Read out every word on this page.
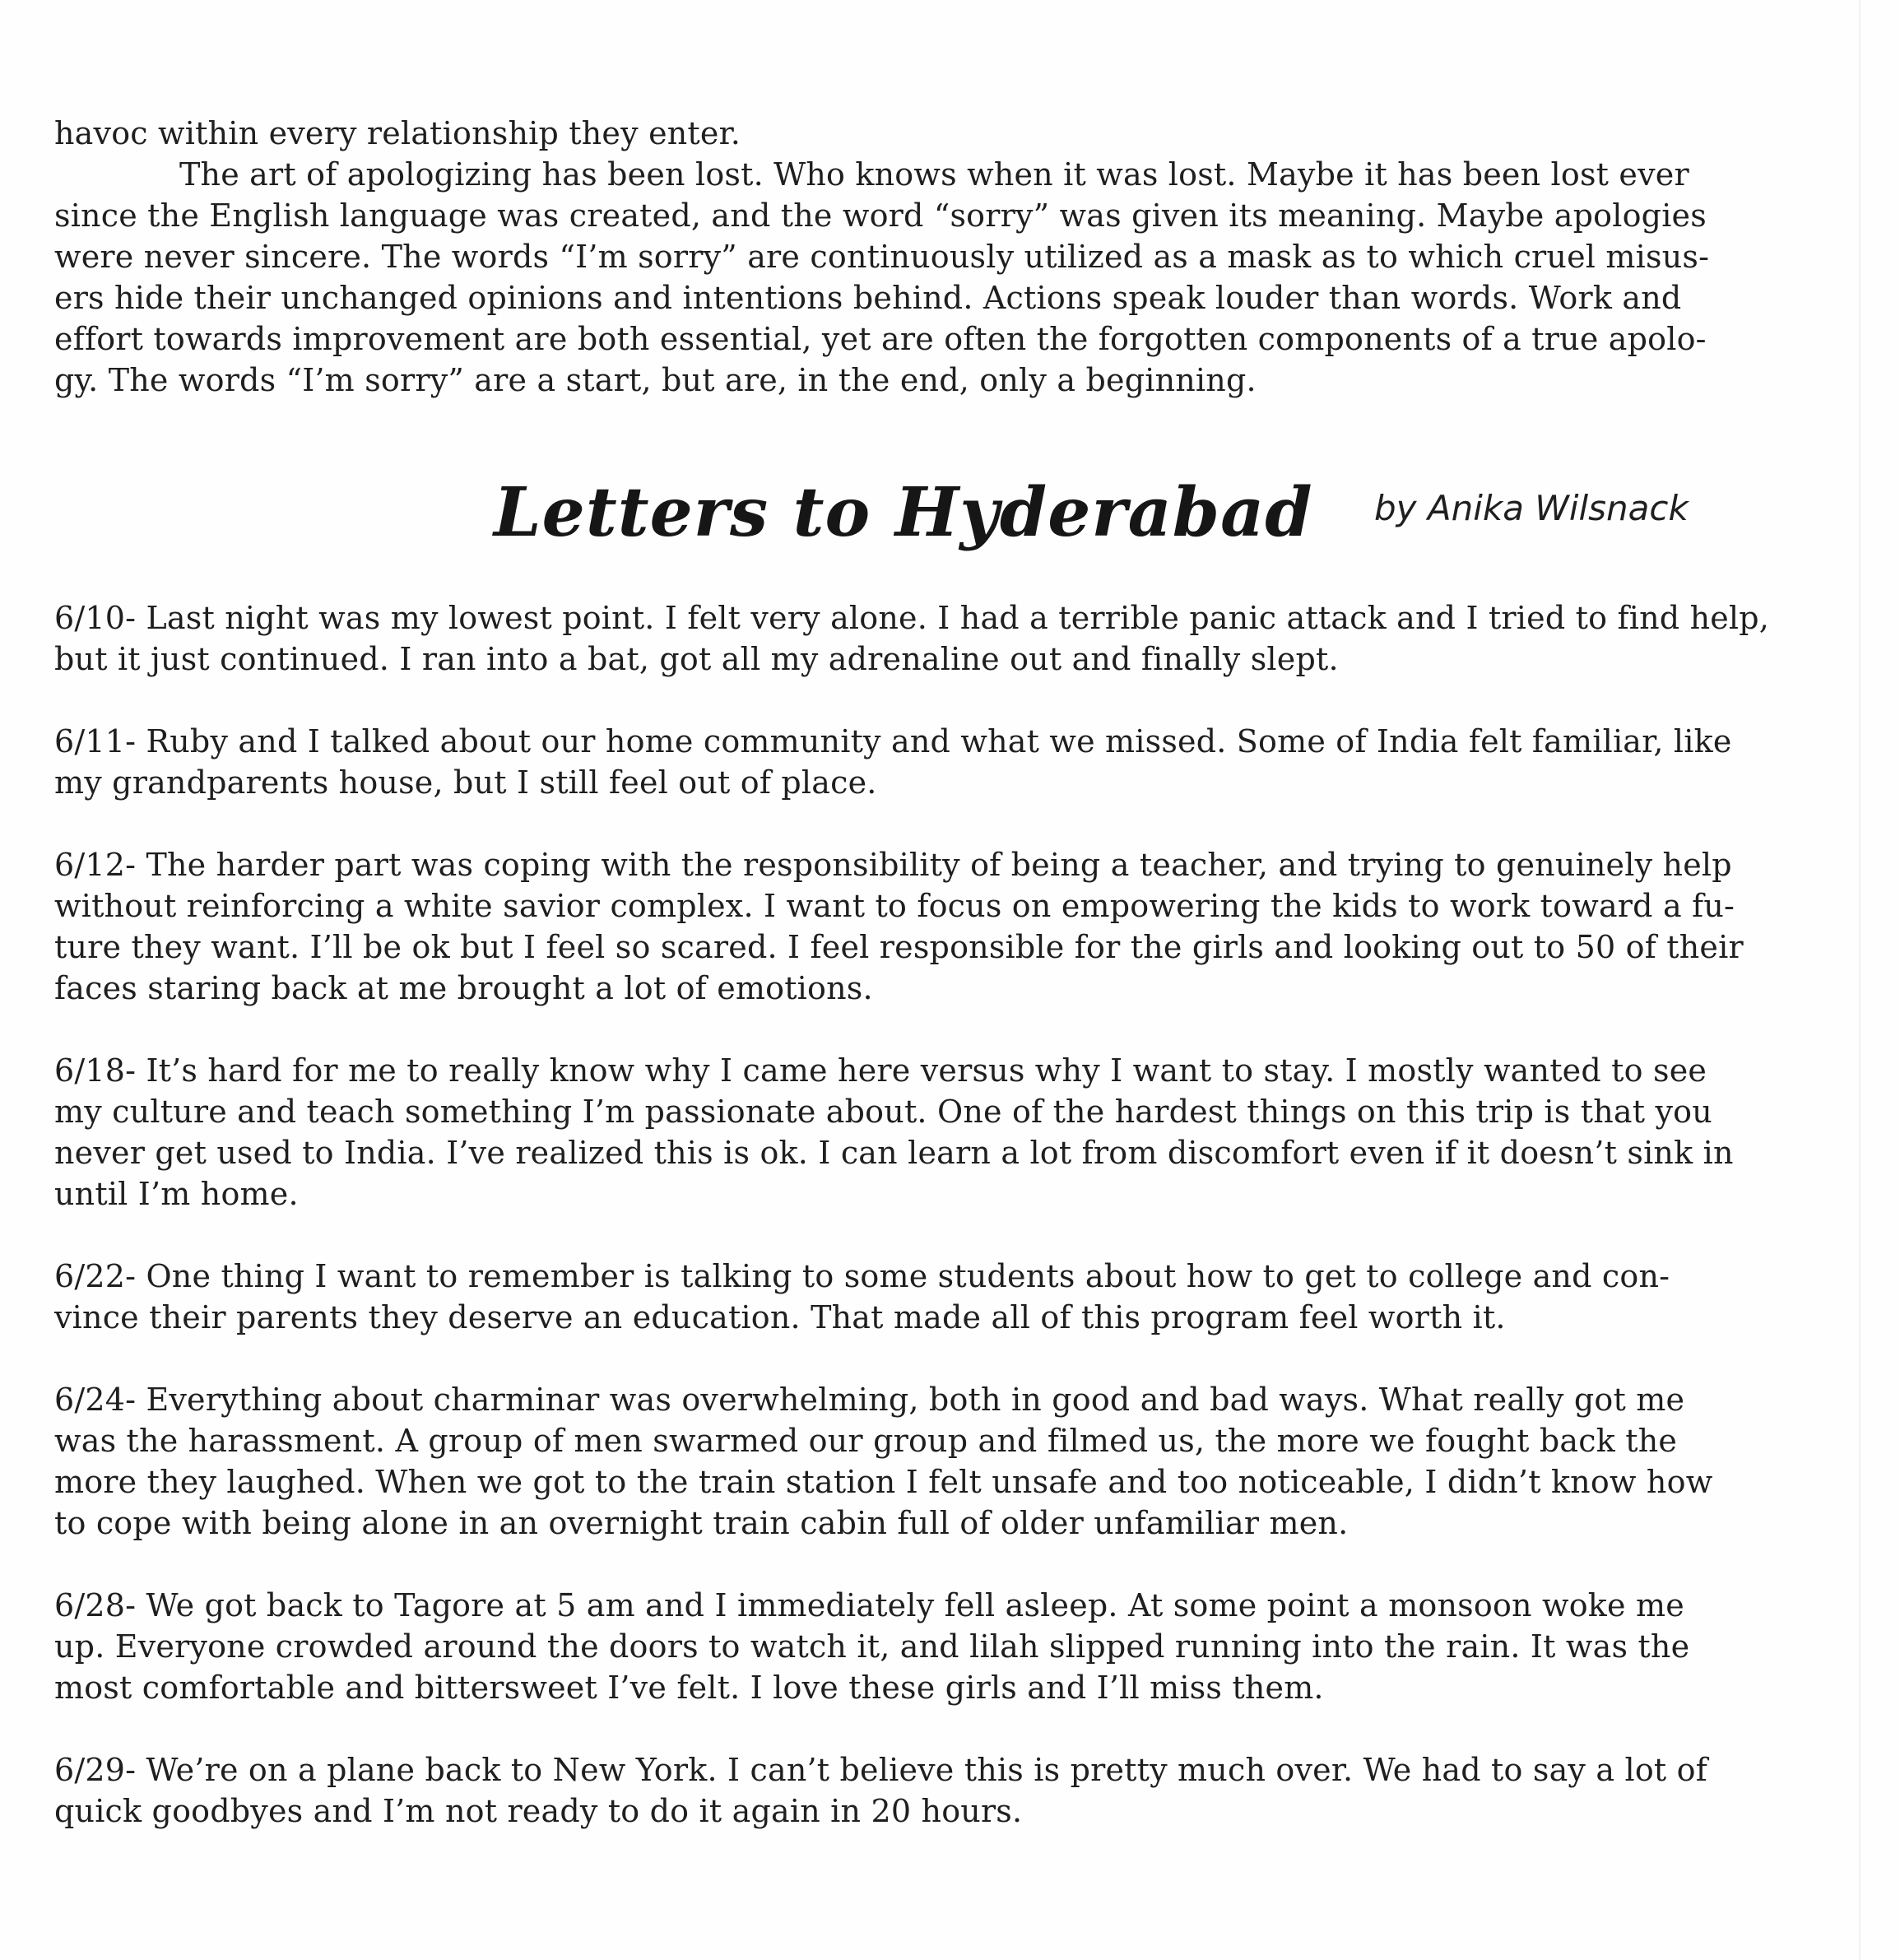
havoc within every relationship they enter.
The art of apologizing has been lost. Who knows when it was lost. Maybe it has been lost ever
since the English language was created, and the word “sorry” was given its meaning. Maybe apologies
were never sincere. The words “I’m sorry” are continuously utilized as a mask as to which cruel misus-
ers hide their unchanged opinions and intentions behind. Actions speak louder than words. Work and
effort towards improvement are both essential, yet are often the forgotten components of a true apolo-
gy. The words “I’m sorry” are a start, but are, in the end, only a beginning.
Letters to Hyderabad by Anika Wilsnack
6/10- Last night was my lowest point. I felt very alone. I had a terrible panic attack and I tried to find help,
but it just continued. I ran into a bat, got all my adrenaline out and finally slept.
6/11- Ruby and I talked about our home community and what we missed. Some of India felt familiar, like
my grandparents house, but I still feel out of place.
6/12- The harder part was coping with the responsibility of being a teacher, and trying to genuinely help
without reinforcing a white savior complex. I want to focus on empowering the kids to work toward a fu-
ture they want. I’ll be ok but I feel so scared. I feel responsible for the girls and looking out to 50 of their
faces staring back at me brought a lot of emotions.
6/18- It’s hard for me to really know why I came here versus why I want to stay. I mostly wanted to see
my culture and teach something I’m passionate about. One of the hardest things on this trip is that you
never get used to India. I’ve realized this is ok. I can learn a lot from discomfort even if it doesn’t sink in
until I’m home.
6/22- One thing I want to remember is talking to some students about how to get to college and con-
vince their parents they deserve an education. That made all of this program feel worth it.
6/24- Everything about charminar was overwhelming, both in good and bad ways. What really got me
was the harassment. A group of men swarmed our group and filmed us, the more we fought back the
more they laughed. When we got to the train station I felt unsafe and too noticeable, I didn’t know how
to cope with being alone in an overnight train cabin full of older unfamiliar men.
6/28- We got back to Tagore at 5 am and I immediately fell asleep. At some point a monsoon woke me
up. Everyone crowded around the doors to watch it, and lilah slipped running into the rain. It was the
most comfortable and bittersweet I’ve felt. I love these girls and I’ll miss them.
6/29- We’re on a plane back to New York. I can’t believe this is pretty much over. We had to say a lot of
quick goodbyes and I’m not ready to do it again in 20 hours.
